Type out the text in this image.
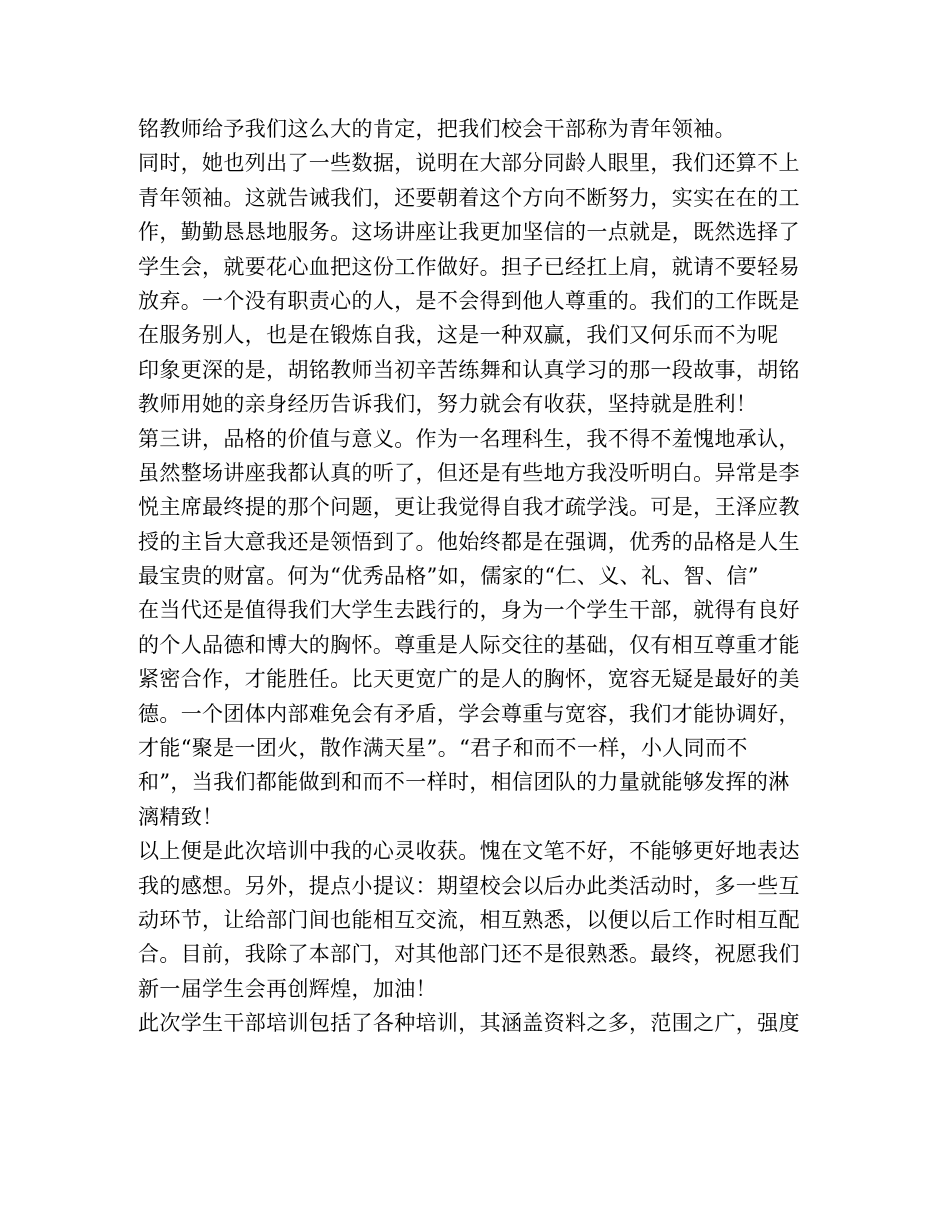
铭教师给予我们这么大的肯定，把我们校会干部称为青年领袖。
同时，她也列出了一些数据，说明在大部分同龄人眼里，我们还算不上
青年领袖。这就告诫我们，还要朝着这个方向不断努力，实实在在的工
作，勤勤恳恳地服务。这场讲座让我更加坚信的一点就是，既然选择了
学生会，就要花心血把这份工作做好。担子已经扛上肩，就请不要轻易
放弃。一个没有职责心的人，是不会得到他人尊重的。我们的工作既是
在服务别人，也是在锻炼自我，这是一种双赢，我们又何乐而不为呢
印象更深的是，胡铭教师当初辛苦练舞和认真学习的那一段故事，胡铭
教师用她的亲身经历告诉我们，努力就会有收获，坚持就是胜利！
第三讲，品格的价值与意义。作为一名理科生，我不得不羞愧地承认，
虽然整场讲座我都认真的听了，但还是有些地方我没听明白。异常是李
悦主席最终提的那个问题，更让我觉得自我才疏学浅。可是，王泽应教
授的主旨大意我还是领悟到了。他始终都是在强调，优秀的品格是人生
最宝贵的财富。何为“优秀品格”如，儒家的“仁、义、礼、智、信”
在当代还是值得我们大学生去践行的，身为一个学生干部，就得有良好
的个人品德和博大的胸怀。尊重是人际交往的基础，仅有相互尊重才能
紧密合作，才能胜任。比天更宽广的是人的胸怀，宽容无疑是最好的美
德。一个团体内部难免会有矛盾，学会尊重与宽容，我们才能协调好，
才能“聚是一团火，散作满天星”。“君子和而不一样，小人同而不
和”，当我们都能做到和而不一样时，相信团队的力量就能够发挥的淋
漓精致！
以上便是此次培训中我的心灵收获。愧在文笔不好，不能够更好地表达
我的感想。另外，提点小提议：期望校会以后办此类活动时，多一些互
动环节，让给部门间也能相互交流，相互熟悉，以便以后工作时相互配
合。目前，我除了本部门，对其他部门还不是很熟悉。最终，祝愿我们
新一届学生会再创辉煌，加油！
此次学生干部培训包括了各种培训，其涵盖资料之多，范围之广，强度
